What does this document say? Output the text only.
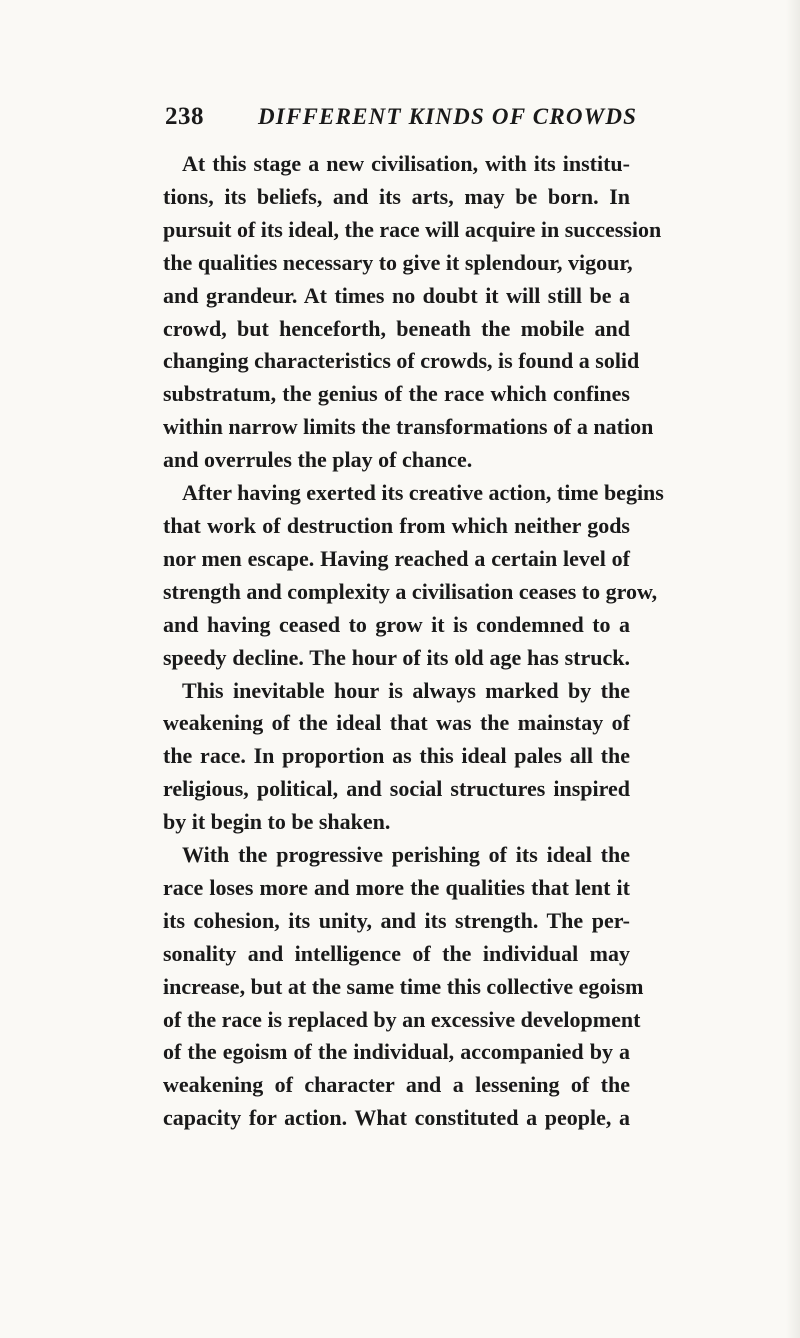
238 DIFFERENT KINDS OF CROWDS
At this stage a new civilisation, with its institu-
tions, its beliefs, and its arts, may be born. In
pursuit of its ideal, the race will acquire in succession
the qualities necessary to give it splendour, vigour,
and grandeur. At times no doubt it will still be a
crowd, but henceforth, beneath the mobile and
changing characteristics of crowds, is found a solid
substratum, the genius of the race which confines
within narrow limits the transformations of a nation
and overrules the play of chance.
After having exerted its creative action, time begins
that work of destruction from which neither gods
nor men escape. Having reached a certain level of
strength and complexity a civilisation ceases to grow,
and having ceased to grow it is condemned to a
speedy decline. The hour of its old age has struck.
This inevitable hour is always marked by the
weakening of the ideal that was the mainstay of
the race. In proportion as this ideal pales all the
religious, political, and social structures inspired
by it begin to be shaken.
With the progressive perishing of its ideal the
race loses more and more the qualities that lent it
its cohesion, its unity, and its strength. The per-
sonality and intelligence of the individual may
increase, but at the same time this collective egoism
of the race is replaced by an excessive development
of the egoism of the individual, accompanied by a
weakening of character and a lessening of the
capacity for action. What constituted a people, a
